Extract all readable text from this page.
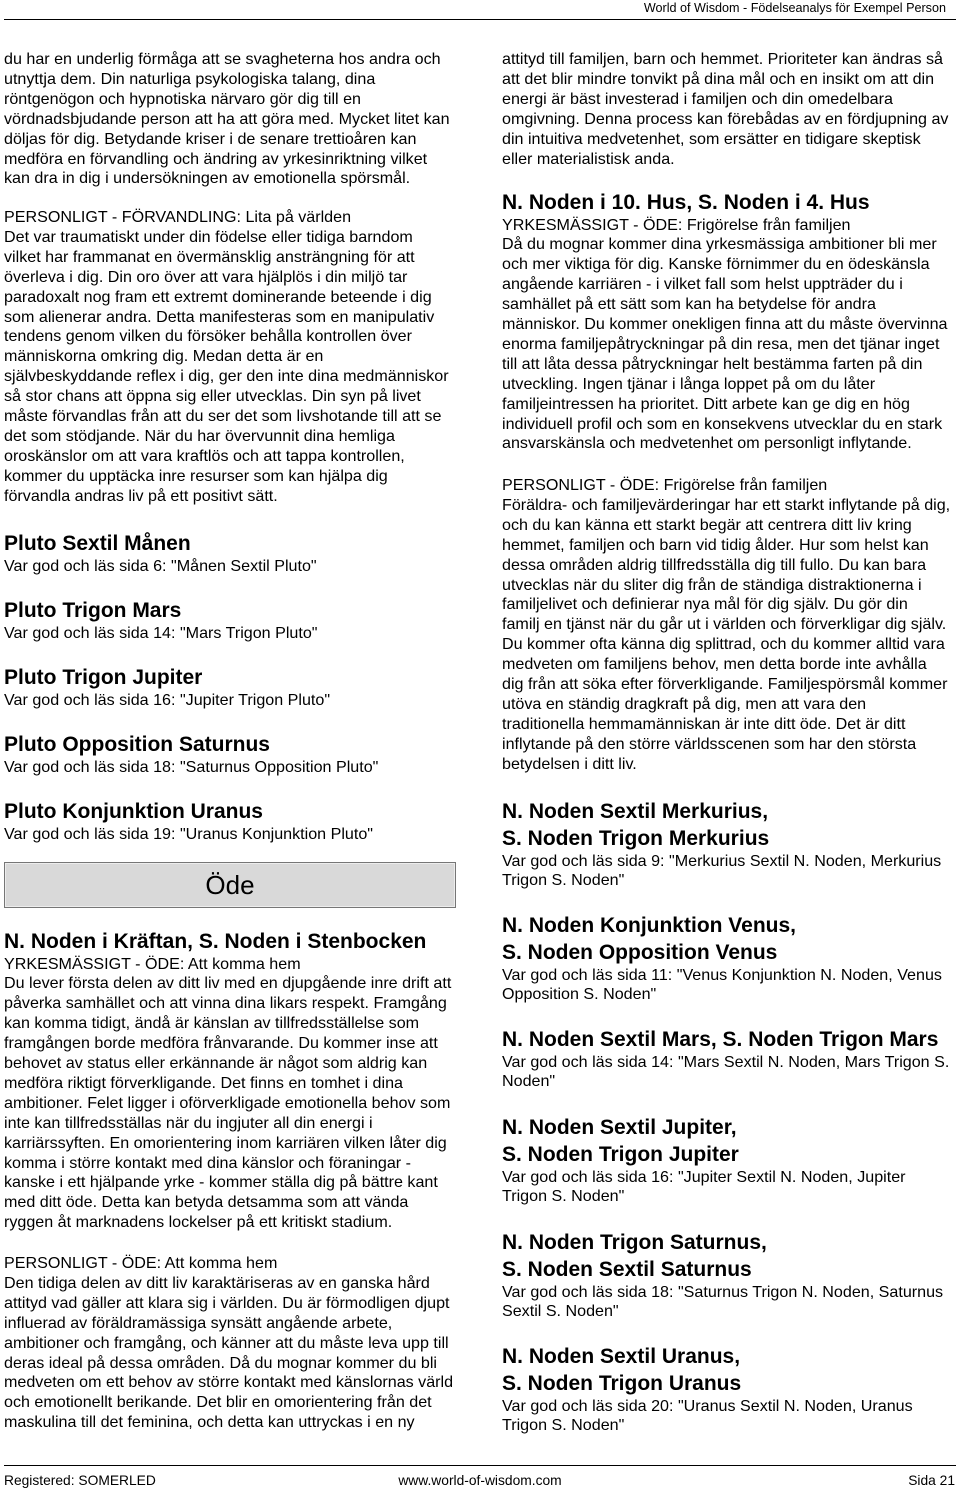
World of Wisdom - Födelseanalys för Exempel Person
du har en underlig förmåga att se svagheterna hos andra och
utnyttja dem. Din naturliga psykologiska talang, dina
röntgenögon och hypnotiska närvaro gör dig till en
vördnadsbjudande person att ha att göra med. Mycket litet kan
döljas för dig. Betydande kriser i de senare trettioåren kan
medföra en förvandling och ändring av yrkesinriktning vilket
kan dra in dig i undersökningen av emotionella spörsmål.
PERSONLIGT - FÖRVANDLING: Lita på världen
Det var traumatiskt under din födelse eller tidiga barndom
vilket har frammanat en övermänsklig ansträngning för att
överleva i dig. Din oro över att vara hjälplös i din miljö tar
paradoxalt nog fram ett extremt dominerande beteende i dig
som alienerar andra. Detta manifesteras som en manipulativ
tendens genom vilken du försöker behålla kontrollen över
människorna omkring dig. Medan detta är en
självbeskyddande reflex i dig, ger den inte dina medmänniskor
så stor chans att öppna sig eller utvecklas. Din syn på livet
måste förvandlas från att du ser det som livshotande till att se
det som stödjande. När du har övervunnit dina hemliga
oroskänslor om att vara kraftlös och att tappa kontrollen,
kommer du upptäcka inre resurser som kan hjälpa dig
förvandla andras liv på ett positivt sätt.
Pluto Sextil Månen
Var god och läs sida 6: "Månen Sextil Pluto"
Pluto Trigon Mars
Var god och läs sida 14: "Mars Trigon Pluto"
Pluto Trigon Jupiter
Var god och läs sida 16: "Jupiter Trigon Pluto"
Pluto Opposition Saturnus
Var god och läs sida 18: "Saturnus Opposition Pluto"
Pluto Konjunktion Uranus
Var god och läs sida 19: "Uranus Konjunktion Pluto"
Öde
N. Noden i Kräftan, S. Noden i Stenbocken
YRKESMÄSSIGT - ÖDE: Att komma hem
Du lever första delen av ditt liv med en djupgående inre drift att
påverka samhället och att vinna dina likars respekt. Framgång
kan komma tidigt, ändå är känslan av tillfredsställelse som
framgången borde medföra frånvarande. Du kommer inse att
behovet av status eller erkännande är något som aldrig kan
medföra riktigt förverkligande. Det finns en tomhet i dina
ambitioner. Felet ligger i oförverkligade emotionella behov som
inte kan tillfredsställas när du ingjuter all din energi i
karriärssyften. En omorientering inom karriären vilken låter dig
komma i större kontakt med dina känslor och föraningar -
kanske i ett hjälpande yrke - kommer ställa dig på bättre kant
med ditt öde. Detta kan betyda detsamma som att vända
ryggen åt marknadens lockelser på ett kritiskt stadium.
PERSONLIGT - ÖDE: Att komma hem
Den tidiga delen av ditt liv karaktäriseras av en ganska hård
attityd vad gäller att klara sig i världen. Du är förmodligen djupt
influerad av föräldramässiga synsätt angående arbete,
ambitioner och framgång, och känner att du måste leva upp till
deras ideal på dessa områden. Då du mognar kommer du bli
medveten om ett behov av större kontakt med känslornas värld
och emotionellt berikande. Det blir en omorientering från det
maskulina till det feminina, och detta kan uttryckas i en ny
attityd till familjen, barn och hemmet. Prioriteter kan ändras så
att det blir mindre tonvikt på dina mål och en insikt om att din
energi är bäst investerad i familjen och din omedelbara
omgivning. Denna process kan förebådas av en fördjupning av
din intuitiva medvetenhet, som ersätter en tidigare skeptisk
eller materialistisk anda.
N. Noden i 10. Hus, S. Noden i 4. Hus
YRKESMÄSSIGT - ÖDE: Frigörelse från familjen
Då du mognar kommer dina yrkesmässiga ambitioner bli mer
och mer viktiga för dig. Kanske förnimmer du en ödeskänsla
angående karriären - i vilket fall som helst uppträder du i
samhället på ett sätt som kan ha betydelse för andra
människor. Du kommer onekligen finna att du måste övervinna
enorma familjepåtryckningar på din resa, men det tjänar inget
till att låta dessa påtryckningar helt bestämma farten på din
utveckling. Ingen tjänar i långa loppet på om du låter
familjeintressen ha prioritet. Ditt arbete kan ge dig en hög
individuell profil och som en konsekvens utvecklar du en stark
ansvarskänsla och medvetenhet om personligt inflytande.
PERSONLIGT - ÖDE: Frigörelse från familjen
Föräldra- och familjevärderingar har ett starkt inflytande på dig,
och du kan känna ett starkt begär att centrera ditt liv kring
hemmet, familjen och barn vid tidig ålder. Hur som helst kan
dessa områden aldrig tillfredsställa dig till fullo. Du kan bara
utvecklas när du sliter dig från de ständiga distraktionerna i
familjelivet och definierar nya mål för dig själv. Du gör din
familj en tjänst när du går ut i världen och förverkligar dig själv.
Du kommer ofta känna dig splittrad, och du kommer alltid vara
medveten om familjens behov, men detta borde inte avhålla
dig från att söka efter förverkligande. Familjespörsmål kommer
utöva en ständig dragkraft på dig, men att vara den
traditionella hemmamänniskan är inte ditt öde. Det är ditt
inflytande på den större världsscenen som har den största
betydelsen i ditt liv.
N. Noden Sextil Merkurius,
S. Noden Trigon Merkurius
Var god och läs sida 9: "Merkurius Sextil N. Noden, Merkurius
Trigon S. Noden"
N. Noden Konjunktion Venus,
S. Noden Opposition Venus
Var god och läs sida 11: "Venus Konjunktion N. Noden, Venus
Opposition S. Noden"
N. Noden Sextil Mars, S. Noden Trigon Mars
Var god och läs sida 14: "Mars Sextil N. Noden, Mars Trigon S.
Noden"
N. Noden Sextil Jupiter,
S. Noden Trigon Jupiter
Var god och läs sida 16: "Jupiter Sextil N. Noden, Jupiter
Trigon S. Noden"
N. Noden Trigon Saturnus,
S. Noden Sextil Saturnus
Var god och läs sida 18: "Saturnus Trigon N. Noden, Saturnus
Sextil S. Noden"
N. Noden Sextil Uranus,
S. Noden Trigon Uranus
Var god och läs sida 20: "Uranus Sextil N. Noden, Uranus
Trigon S. Noden"
www.world-of-wisdom.com
Registered: SOMERLED	Sida 21
